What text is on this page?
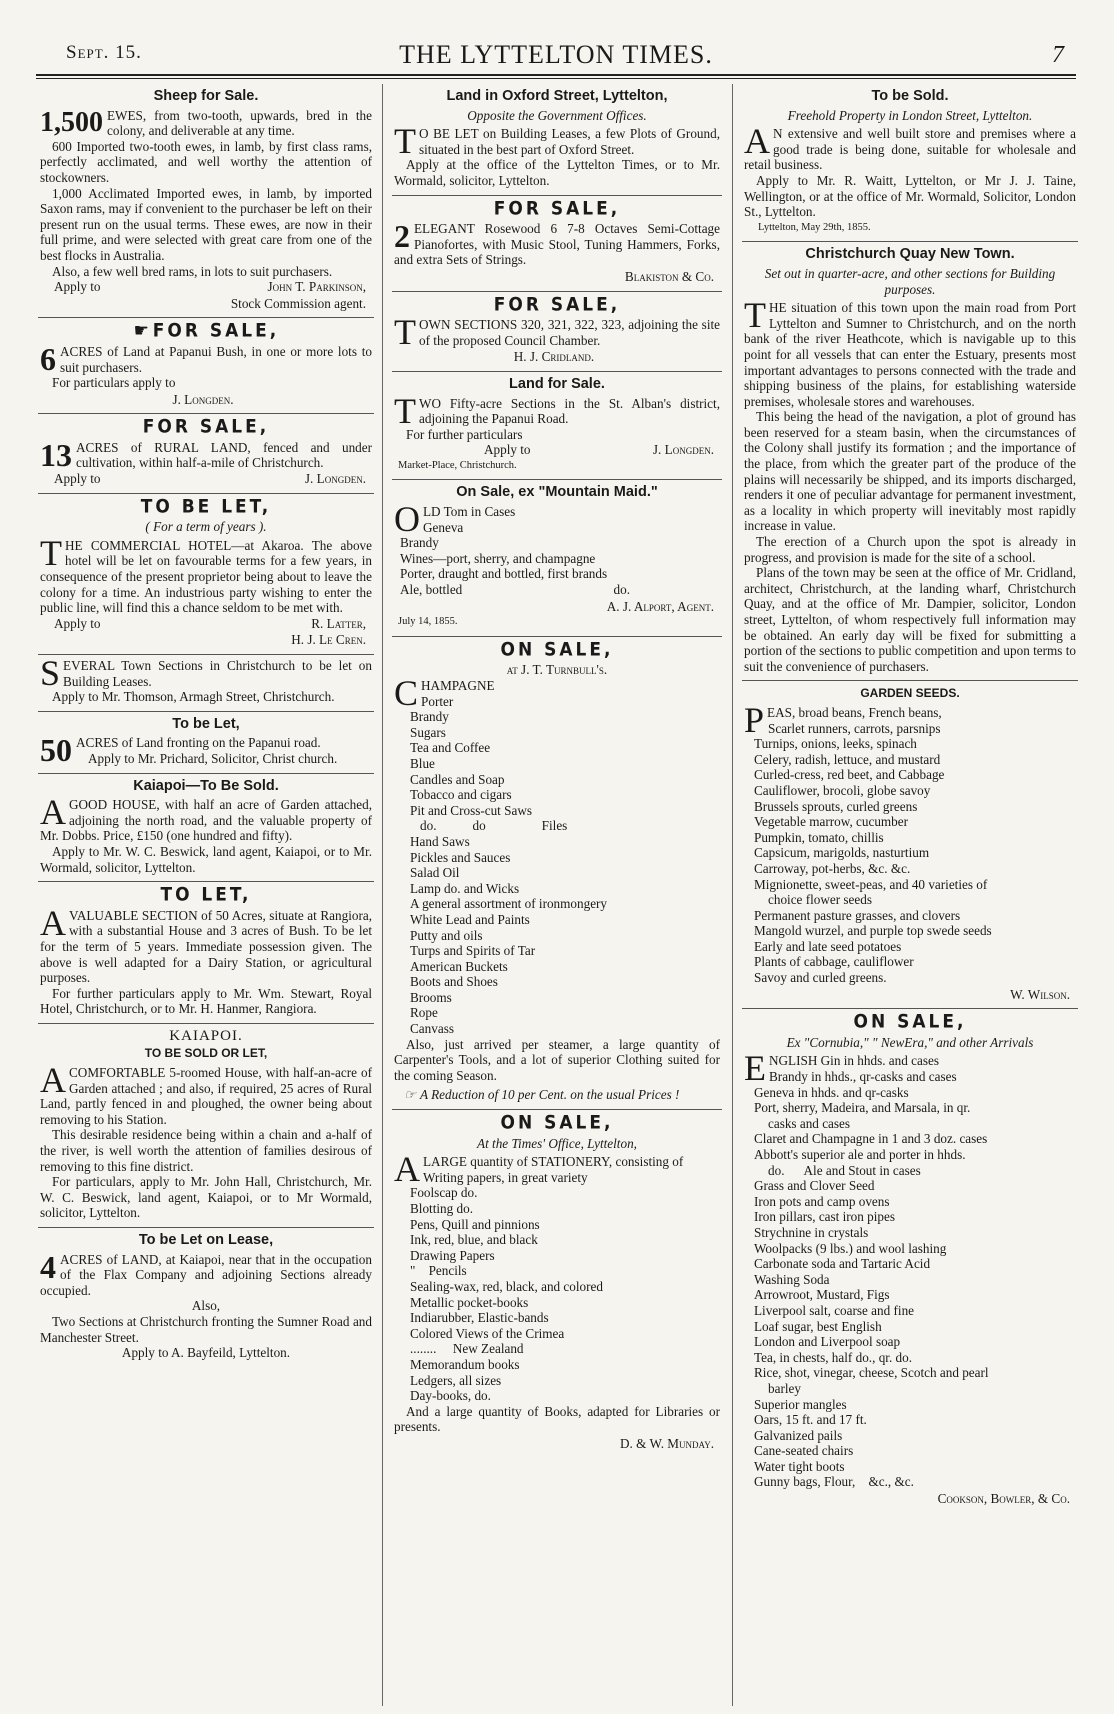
Sept. 15.	THE LYTTELTON TIMES.	7
Sheep for Sale.

1,500 EWES, from two-tooth, upwards, bred in the colony, and deliverable at any time.

600 Imported two-tooth ewes, in lamb, by first class rams, perfectly acclimated, and well worthy the attention of stockowners.

1,000 Acclimated Imported ewes, in lamb, by imported Saxon rams, may if convenient to the purchaser be left on their present run on the usual terms. These ewes, are now in their full prime, and were selected with great care from one of the best flocks in Australia.

Also, a few well bred rams, in lots to suit purchasers.

Apply to	John T. Parkinson,
Stock Commission agent.
☛FOR SALE,

6 ACRES of Land at Papanui Bush, in one or more lots to suit purchasers.

For particulars apply to

J. Longden.
FOR SALE,

13 ACRES of RURAL LAND, fenced and under cultivation, within half-a-mile of Christchurch.

Apply to	J. Longden.
TO BE LET,
( For a term of years ).

THE COMMERCIAL HOTEL—at Akaroa. The above hotel will be let on favourable terms for a few years, in consequence of the present proprietor being about to leave the colony for a time. An industrious party wishing to enter the public line, will find this a chance seldom to be met with.

Apply to	R. Latter,
H. J. Le Cren.

SEVERAL Town Sections in Christchurch to be let on Building Leases.

Apply to Mr. Thomson, Armagh Street, Christchurch.

To be Let,

50 ACRES of Land fronting on the Papanui road.

Apply to Mr. Prichard, Solicitor, Christ church.

Kaiapoi—To Be Sold.

AGOOD HOUSE, with half an acre of Garden attached, adjoining the north road, and the valuable property of Mr. Dobbs. Price, £150 (one hundred and fifty).

Apply to Mr. W. C. Beswick, land agent, Kaiapoi, or to Mr. Wormald, solicitor, Lyttelton.

TO LET,

AVALUABLE SECTION of 50 Acres, situate at Rangiora, with a substantial House and 3 acres of Bush. To be let for the term of 5 years. Immediate possession given. The above is well adapted for a Dairy Station, or agricultural purposes.

For further particulars apply to Mr. Wm. Stewart, Royal Hotel, Christchurch, or to Mr. H. Hanmer, Rangiora.

KAIAPOI.
TO BE SOLD OR LET,

ACOMFORTABLE 5-roomed House, with half-an-acre of Garden attached ; and also, if required, 25 acres of Rural Land, partly fenced in and ploughed, the owner being about removing to his Station.

This desirable residence being within a chain and a-half of the river, is well worth the attention of families desirous of removing to this fine district.

For particulars, apply to Mr. John Hall, Christchurch, Mr. W. C. Beswick, land agent, Kaiapoi, or to Mr Wormald, solicitor, Lyttelton.

To be Let on Lease,

4 ACRES of LAND, at Kaiapoi, near that in the occupation of the Flax Company and adjoining Sections already occupied.

Also,

Two Sections at Christchurch fronting the Sumner Road and Manchester Street.

Apply to A. Bayfeild, Lyttelton.
Land in Oxford Street, Lyttelton,
Opposite the Government Offices.

T O BE LET on Building Leases, a few Plots of Ground, situated in the best part of Oxford Street.

Apply at the office of the Lyttelton Times, or to Mr. Wormald, solicitor, Lyttelton.

FOR SALE,

2 ELEGANT Rosewood 6 7-8 Octaves Semi-Cottage Pianofortes, with Music Stool, Tuning Hammers, Forks, and extra Sets of Strings.

Blakiston & Co.
FOR SALE,

TOWN SECTIONS 320, 321, 322, 323, adjoining the site of the proposed Council Chamber.

H. J. Cridland.
Land for Sale.

TWO Fifty-acre Sections in the St. Alban's district, adjoining the Papanui Road.

For further particulars

Apply to	J. Longden.
Market-Place, Christchurch.
On Sale, ex "Mountain Maid."
OLD Tom in Cases
Geneva
Brandy
Wines—port, sherry, and champagne
Porter, draught and bottled, first brands
Ale, bottled	do.
A. J. Alport, Agent.
July 14, 1855.
ON SALE,
at J. T. Turnbull's.
CHAMPAGNE
Porter
Brandy
Sugars
Tea and Coffee
Blue
Candles and Soap
Tobacco and cigars
Pit and Cross-cut Saws
do.	do	Files
Hand Saws
Pickles and Sauces
Salad Oil
Lamp do. and Wicks
A general assortment of ironmongery
White Lead and Paints
Putty and oils
Turps and Spirits of Tar
American Buckets
Boots and Shoes
Brooms
Rope
Canvass

Also, just arrived per steamer, a large quantity of Carpenter's Tools, and a lot of superior Clothing suited for the coming Season.

☞ A Reduction of 10 per Cent. on the usual Prices !
ON SALE,
At the Times' Office, Lyttelton,
ALARGE quantity of STATIONERY, consisting of
Writing papers, in great variety
Foolscap do.
Blotting do.
Pens, Quill and pinnions
Ink, red, blue, and black
Drawing Papers
"    Pencils
Sealing-wax, red, black, and colored
Metallic pocket-books
Indiarubber, Elastic-bands
Colored Views of the Crimea
........     New Zealand
Memorandum books
Ledgers, all sizes
Day-books, do.

And a large quantity of Books, adapted for Libraries or presents.

D. & W. Munday.
To be Sold.
Freehold Property in London Street, Lyttelton.

A N extensive and well built store and premises where a good trade is being done, suitable for wholesale and retail business.

Apply to Mr. R. Waitt, Lyttelton, or Mr J. J. Taine, Wellington, or at the office of Mr. Wormald, Solicitor, London St., Lyttelton.

Lyttelton, May 29th, 1855.
Christchurch Quay New Town.
Set out in quarter-acre, and other sections for Building purposes.

THE situation of this town upon the main road from Port Lyttelton and Sumner to Christchurch, and on the north bank of the river Heathcote, which is navigable up to this point for all vessels that can enter the Estuary, presents most important advantages to persons connected with the trade and shipping business of the plains, for establishing waterside premises, wholesale stores and warehouses.

This being the head of the navigation, a plot of ground has been reserved for a steam basin, when the circumstances of the Colony shall justify its formation ; and the importance of the place, from which the greater part of the produce of the plains will necessarily be shipped, and its imports discharged, renders it one of peculiar advantage for permanent investment, as a locality in which property will inevitably most rapidly increase in value.

The erection of a Church upon the spot is already in progress, and provision is made for the site of a school.

Plans of the town may be seen at the office of Mr. Cridland, architect, Christchurch, at the landing wharf, Christchurch Quay, and at the office of Mr. Dampier, solicitor, London street, Lyttelton, of whom respectively full information may be obtained. An early day will be fixed for submitting a portion of the sections to public competition and upon terms to suit the convenience of purchasers.

GARDEN SEEDS.
PEAS, broad beans, French beans,
Scarlet runners, carrots, parsnips
Turnips, onions, leeks, spinach
Celery, radish, lettuce, and mustard
Curled-cress, red beet, and Cabbage
Cauliflower, brocoli, globe savoy
Brussels sprouts, curled greens
Vegetable marrow, cucumber
Pumpkin, tomato, chillis
Capsicum, marigolds, nasturtium
Carroway, pot-herbs, &c. &c.
Mignionette, sweet-peas, and 40 varieties of
choice flower seeds
Permanent pasture grasses, and clovers
Mangold wurzel, and purple top swede seeds
Early and late seed potatoes
Plants of cabbage, cauliflower
Savoy and curled greens.
W. Wilson.
ON SALE,
Ex "Cornubia," " NewEra," and other Arrivals
ENGLISH Gin in hhds. and cases
Brandy in hhds., qr-casks and cases
Geneva in hhds. and qr-casks
Port, sherry, Madeira, and Marsala, in qr.
casks and cases
Claret and Champagne in 1 and 3 doz. cases
Abbott's superior ale and porter in hhds.
do.      Ale and Stout in cases
Grass and Clover Seed
Iron pots and camp ovens
Iron pillars, cast iron pipes
Strychnine in crystals
Woolpacks (9 lbs.) and wool lashing
Carbonate soda and Tartaric Acid
Washing Soda
Arrowroot, Mustard, Figs
Liverpool salt, coarse and fine
Loaf sugar, best English
London and Liverpool soap
Tea, in chests, half do., qr. do.
Rice, shot, vinegar, cheese, Scotch and pearl
barley
Superior mangles
Oars, 15 ft. and 17 ft.
Galvanized pails
Cane-seated chairs
Water tight boots
Gunny bags, Flour,    &c., &c.
Cookson, Bowler, & Co.
